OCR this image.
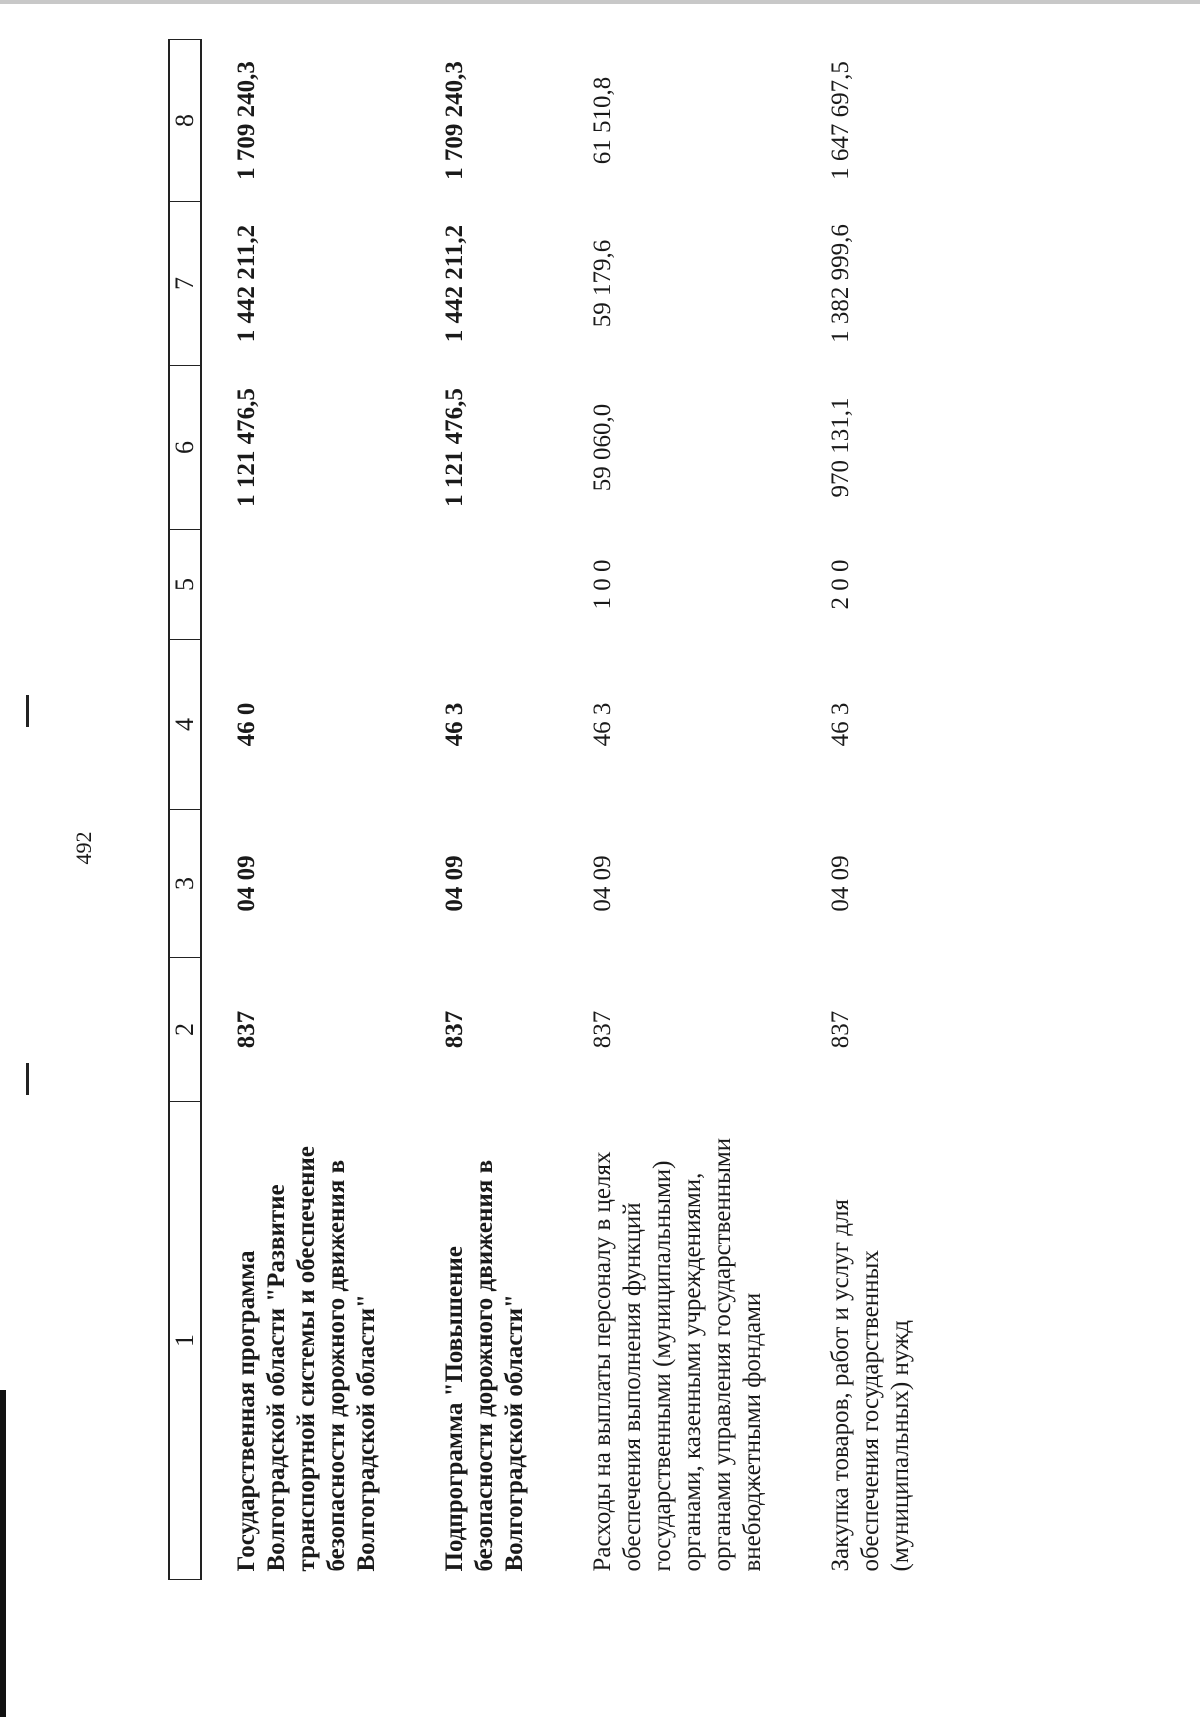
492
1	2	3	4	5	6	7	8
Государственная программа Волгоградской области "Развитие транспортной системы и обеспечение безопасности дорожного движения в Волгоградской области"	837	04 09	46 0		1 121 476,5	1 442 211,2	1 709 240,3
Подпрограмма "Повышение безопасности дорожного движения в Волгоградской области"	837	04 09	46 3		1 121 476,5	1 442 211,2	1 709 240,3
Расходы на выплаты персоналу в целях обеспечения выполнения функций государственными (муниципальными) органами, казенными учреждениями, органами управления государственными внебюджетными фондами	837	04 09	46 3	1 0 0	59 060,0	59 179,6	61 510,8
Закупка товаров, работ и услуг для обеспечения государственных (муниципальных) нужд	837	04 09	46 3	2 0 0	970 131,1	1 382 999,6	1 647 697,5
